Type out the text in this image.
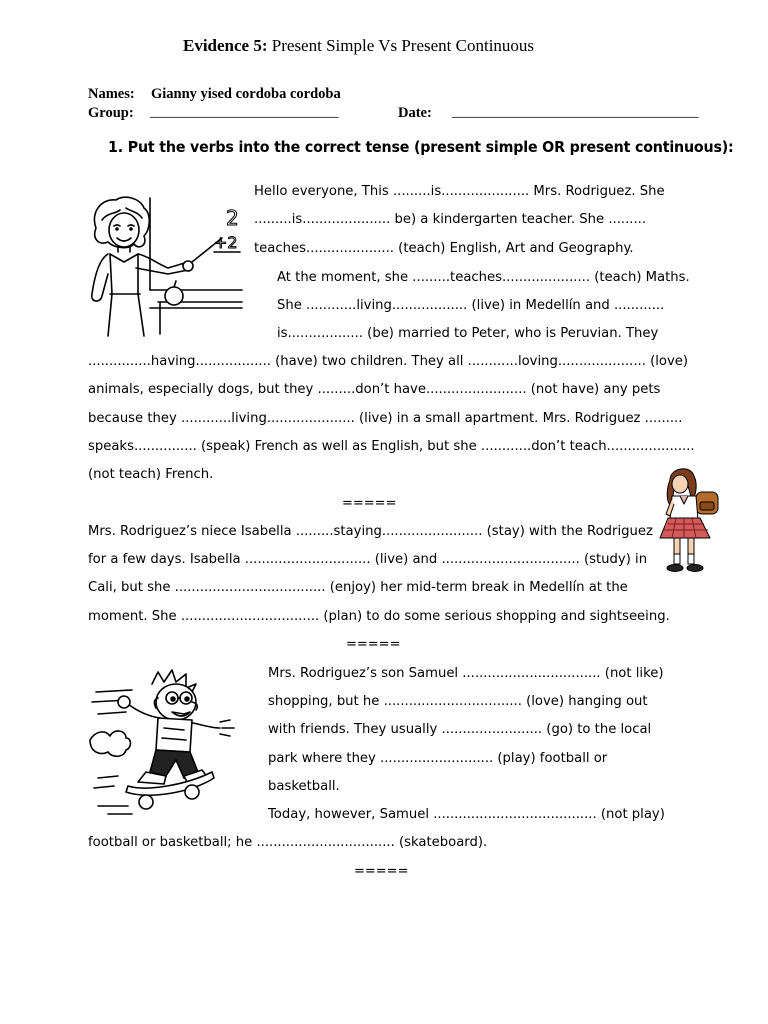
Evidence 5: Present Simple Vs Present Continuous
Names: Gianny yised cordoba cordoba
Group: __________________________	Date: __________________________________
1. Put the verbs into the correct tense (present simple OR present continuous):
2
+2
Hello everyone, This .........is..................... Mrs. Rodriguez. She
.........is..................... be) a kindergarten teacher. She .........
teaches..................... (teach) English, Art and Geography.
At the moment, she .........teaches..................... (teach) Maths.
She ............living.................. (live) in Medellín and ............
is.................. (be) married to Peter, who is Peruvian. They
...............having.................. (have) two children. They all ............loving..................... (love)
animals, especially dogs, but they .........don’t have........................ (not have) any pets
because they ............living..................... (live) in a small apartment. Mrs. Rodriguez .........
speaks............... (speak) French as well as English, but she ............don’t teach.....................
(not teach) French.
=====
Mrs. Rodriguez’s niece Isabella .........staying........................ (stay) with the Rodriguez
for a few days. Isabella .............................. (live) and ................................. (study) in
Cali, but she .................................... (enjoy) her mid-term break in Medellín at the
moment. She ................................. (plan) to do some serious shopping and sightseeing.
=====
Mrs. Rodriguez’s son Samuel ................................. (not like)
shopping, but he ................................. (love) hanging out
with friends. They usually ........................ (go) to the local
park where they ........................... (play) football or
basketball.
Today, however, Samuel ....................................... (not play)
football or basketball; he ................................. (skateboard).
=====
